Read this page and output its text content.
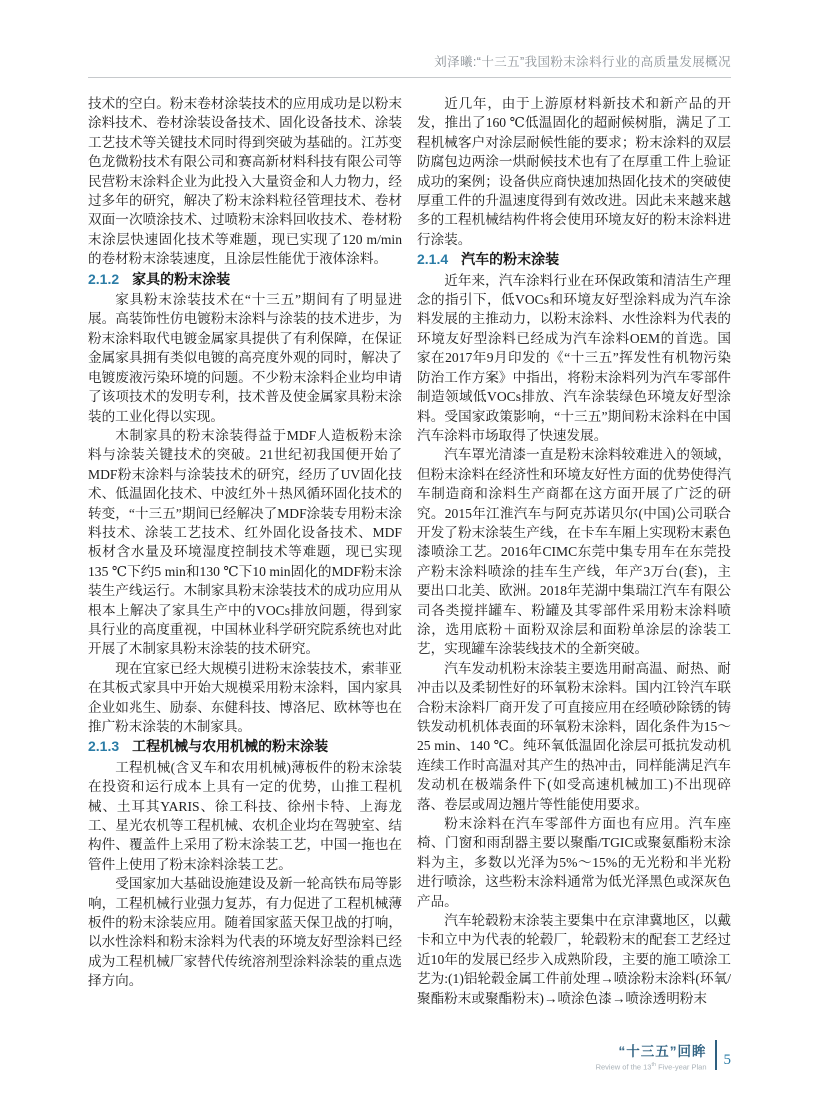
刘泽曦:“十三五”我国粉末涂料行业的高质量发展概况

技术的空白。粉末卷材涂装技术的应用成功是以粉末涂料技术、卷材涂装设备技术、固化设备技术、涂装工艺技术等关键技术同时得到突破为基础的。江苏变色龙微粉技术有限公司和赛高新材料科技有限公司等民营粉末涂料企业为此投入大量资金和人力物力，经过多年的研究，解决了粉末涂料粒径管理技术、卷材双面一次喷涂技术、过喷粉末涂料回收技术、卷材粉末涂层快速固化技术等难题，现已实现了120 m/min的卷材粉末涂装速度，且涂层性能优于液体涂料。

2.1.2 家具的粉末涂装

家具粉末涂装技术在“十三五”期间有了明显进展。高装饰性仿电镀粉末涂料与涂装的技术进步，为粉末涂料取代电镀金属家具提供了有利保障，在保证金属家具拥有类似电镀的高亮度外观的同时，解决了电镀废液污染环境的问题。不少粉末涂料企业均申请了该项技术的发明专利，技术普及使金属家具粉末涂装的工业化得以实现。

木制家具的粉末涂装得益于MDF人造板粉末涂料与涂装关键技术的突破。21世纪初我国便开始了MDF粉末涂料与涂装技术的研究，经历了UV固化技术、低温固化技术、中波红外＋热风循环固化技术的转变，“十三五”期间已经解决了MDF涂装专用粉末涂料技术、涂装工艺技术、红外固化设备技术、MDF板材含水量及环境湿度控制技术等难题，现已实现135 ℃下约5 min和130 ℃下10 min固化的MDF粉末涂装生产线运行。木制家具粉末涂装技术的成功应用从根本上解决了家具生产中的VOCs排放问题，得到家具行业的高度重视，中国林业科学研究院系统也对此开展了木制家具粉末涂装的技术研究。

现在宜家已经大规模引进粉末涂装技术，索菲亚在其板式家具中开始大规模采用粉末涂料，国内家具企业如兆生、励泰、东健科技、博洛尼、欧林等也在推广粉末涂装的木制家具。

2.1.3 工程机械与农用机械的粉末涂装

工程机械(含叉车和农用机械)薄板件的粉末涂装在投资和运行成本上具有一定的优势，山推工程机械、土耳其YARIS、徐工科技、徐州卡特、上海龙工、星光农机等工程机械、农机企业均在驾驶室、结构件、覆盖件上采用了粉末涂装工艺，中国一拖也在管件上使用了粉末涂料涂装工艺。

受国家加大基础设施建设及新一轮高铁布局等影响，工程机械行业强力复苏，有力促进了工程机械薄板件的粉末涂装应用。随着国家蓝天保卫战的打响，以水性涂料和粉末涂料为代表的环境友好型涂料已经成为工程机械厂家替代传统溶剂型涂料涂装的重点选择方向。

近几年，由于上游原材料新技术和新产品的开发，推出了160 ℃低温固化的超耐候树脂，满足了工程机械客户对涂层耐候性能的要求；粉末涂料的双层防腐包边两涂一烘耐候技术也有了在厚重工件上验证成功的案例；设备供应商快速加热固化技术的突破使厚重工件的升温速度得到有效改进。因此未来越来越多的工程机械结构件将会使用环境友好的粉末涂料进行涂装。

2.1.4 汽车的粉末涂装

近年来，汽车涂料行业在环保政策和清洁生产理念的指引下，低VOCs和环境友好型涂料成为汽车涂料发展的主推动力，以粉末涂料、水性涂料为代表的环境友好型涂料已经成为汽车涂料OEM的首选。国家在2017年9月印发的《“十三五”挥发性有机物污染防治工作方案》中指出，将粉末涂料列为汽车零部件制造领域低VOCs排放、汽车涂装绿色环境友好型涂料。受国家政策影响，“十三五”期间粉末涂料在中国汽车涂料市场取得了快速发展。

汽车罩光清漆一直是粉末涂料较难进入的领域，但粉末涂料在经济性和环境友好性方面的优势使得汽车制造商和涂料生产商都在这方面开展了广泛的研究。2015年江淮汽车与阿克苏诺贝尔(中国)公司联合开发了粉末涂装生产线，在卡车车厢上实现粉末素色漆喷涂工艺。2016年CIMC东莞中集专用车在东莞投产粉末涂料喷涂的挂车生产线，年产3万台(套)，主要出口北美、欧洲。2018年芜湖中集瑞江汽车有限公司各类搅拌罐车、粉罐及其零部件采用粉末涂料喷涂，选用底粉＋面粉双涂层和面粉单涂层的涂装工艺，实现罐车涂装线技术的全新突破。

汽车发动机粉末涂装主要选用耐高温、耐热、耐冲击以及柔韧性好的环氧粉末涂料。国内江铃汽车联合粉末涂料厂商开发了可直接应用在经喷砂除锈的铸铁发动机机体表面的环氧粉末涂料，固化条件为15～25 min、140 ℃。纯环氧低温固化涂层可抵抗发动机连续工作时高温对其产生的热冲击，同样能满足汽车发动机在极端条件下(如受高速机械加工)不出现碎落、卷层或周边翘片等性能使用要求。

粉末涂料在汽车零部件方面也有应用。汽车座椅、门窗和雨刮器主要以聚酯/TGIC或聚氨酯粉末涂料为主，多数以光泽为5%～15%的无光粉和半光粉进行喷涂，这些粉末涂料通常为低光泽黑色或深灰色产品。

汽车轮毂粉末涂装主要集中在京津冀地区，以戴卡和立中为代表的轮毂厂，轮毂粉末的配套工艺经过近10年的发展已经步入成熟阶段，主要的施工喷涂工艺为:(1)铝轮毂金属工件前处理→喷涂粉末涂料(环氧/聚酯粉末或聚酯粉末)→喷涂色漆→喷涂透明粉末

“十三五”回眸
Review of the 13th Five-year Plan 5
